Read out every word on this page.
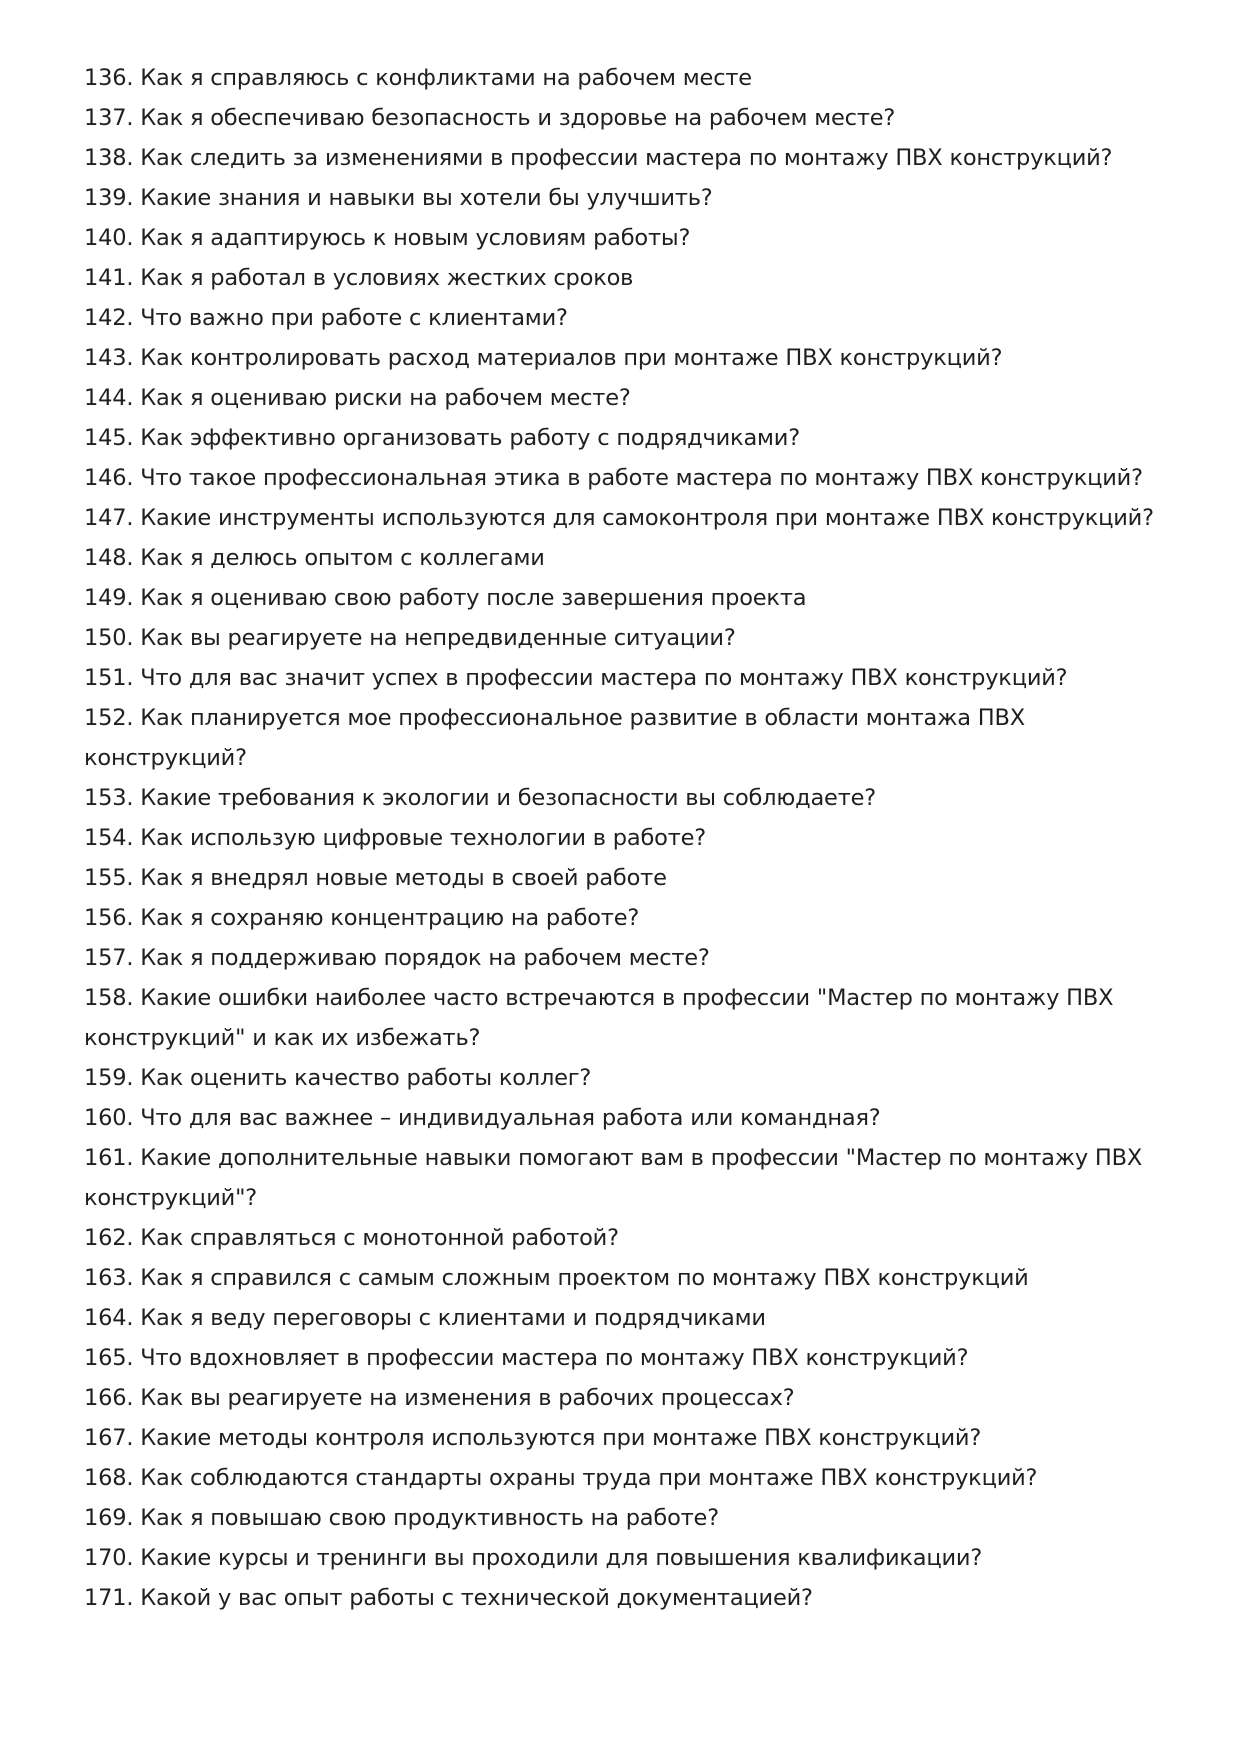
136. Как я справляюсь с конфликтами на рабочем месте
137. Как я обеспечиваю безопасность и здоровье на рабочем месте?
138. Как следить за изменениями в профессии мастера по монтажу ПВХ конструкций?
139. Какие знания и навыки вы хотели бы улучшить?
140. Как я адаптируюсь к новым условиям работы?
141. Как я работал в условиях жестких сроков
142. Что важно при работе с клиентами?
143. Как контролировать расход материалов при монтаже ПВХ конструкций?
144. Как я оцениваю риски на рабочем месте?
145. Как эффективно организовать работу с подрядчиками?
146. Что такое профессиональная этика в работе мастера по монтажу ПВХ конструкций?
147. Какие инструменты используются для самоконтроля при монтаже ПВХ конструкций?
148. Как я делюсь опытом с коллегами
149. Как я оцениваю свою работу после завершения проекта
150. Как вы реагируете на непредвиденные ситуации?
151. Что для вас значит успех в профессии мастера по монтажу ПВХ конструкций?
152. Как планируется мое профессиональное развитие в области монтажа ПВХ
конструкций?
153. Какие требования к экологии и безопасности вы соблюдаете?
154. Как использую цифровые технологии в работе?
155. Как я внедрял новые методы в своей работе
156. Как я сохраняю концентрацию на работе?
157. Как я поддерживаю порядок на рабочем месте?
158. Какие ошибки наиболее часто встречаются в профессии "Мастер по монтажу ПВХ
конструкций" и как их избежать?
159. Как оценить качество работы коллег?
160. Что для вас важнее – индивидуальная работа или командная?
161. Какие дополнительные навыки помогают вам в профессии "Мастер по монтажу ПВХ
конструкций"?
162. Как справляться с монотонной работой?
163. Как я справился с самым сложным проектом по монтажу ПВХ конструкций
164. Как я веду переговоры с клиентами и подрядчиками
165. Что вдохновляет в профессии мастера по монтажу ПВХ конструкций?
166. Как вы реагируете на изменения в рабочих процессах?
167. Какие методы контроля используются при монтаже ПВХ конструкций?
168. Как соблюдаются стандарты охраны труда при монтаже ПВХ конструкций?
169. Как я повышаю свою продуктивность на работе?
170. Какие курсы и тренинги вы проходили для повышения квалификации?
171. Какой у вас опыт работы с технической документацией?
